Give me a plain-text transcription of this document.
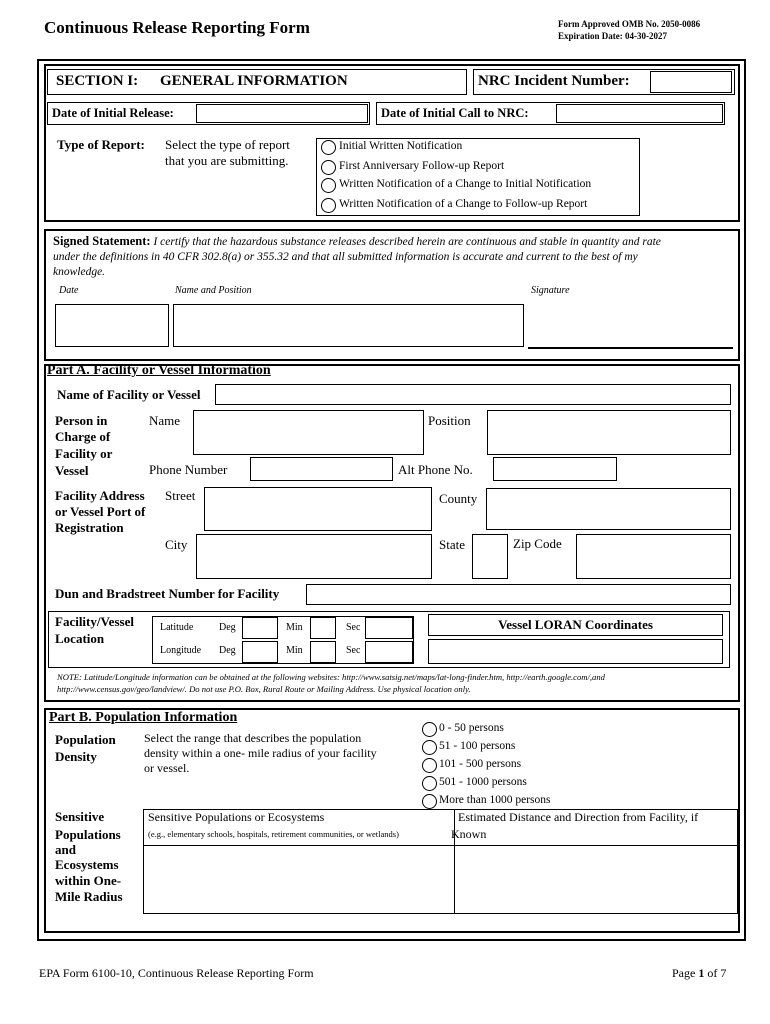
Continuous Release Reporting Form	Form Approved OMB No. 2050-0086
Expiration Date: 04-30-2027
SECTION I: GENERAL INFORMATION	NRC Incident Number:
Date of Initial Release:	Date of Initial Call to NRC:
Type of Report: Select the type of report
that you are submitting.
Initial Written Notification
First Anniversary Follow-up Report
Written Notification of a Change to Initial Notification
Written Notification of a Change to Follow-up Report
Signed Statement: I certify that the hazardous substance releases described herein are continuous and stable in quantity and rate
under the definitions in 40 CFR 302.8(a) or 355.32 and that all submitted information is accurate and current to the best of my
knowledge.
Date	Name and Position	Signature
Part A. Facility or Vessel Information
Name of Facility or Vessel
Person in
Charge of
Facility or
Vessel
Name	Position
Phone Number	Alt Phone No.
Facility Address
or Vessel Port of
Registration
Street	County
City	State	Zip Code
Dun and Bradstreet Number for Facility
Facility/Vessel
Location
Latitude	Deg	Min	Sec
Longitude Deg	Min	Sec
Vessel LORAN Coordinates
NOTE: Latitude/Longitude information can be obtained at the following websites: http://www.satsig.net/maps/lat-long-finder.htm, http://earth.google.com/,and
http://www.census.gov/geo/landview/. Do not use P.O. Box, Rural Route or Mailing Address. Use physical location only.
Part B. Population Information
Population
Density
Select the range that describes the population
density within a one- mile radius of your facility
or vessel.
0 - 50 persons
51 - 100 persons
101 - 500 persons
501 - 1000 persons
More than 1000 persons
Sensitive
Populations
and
Ecosystems
within One-
Mile Radius
Sensitive Populations or Ecosystems
(e.g., elementary schools, hospitals, retirement communities, or wetlands)
Estimated Distance and Direction from Facility, if
Known
EPA Form 6100-10, Continuous Release Reporting Form	Page 1 of 7
